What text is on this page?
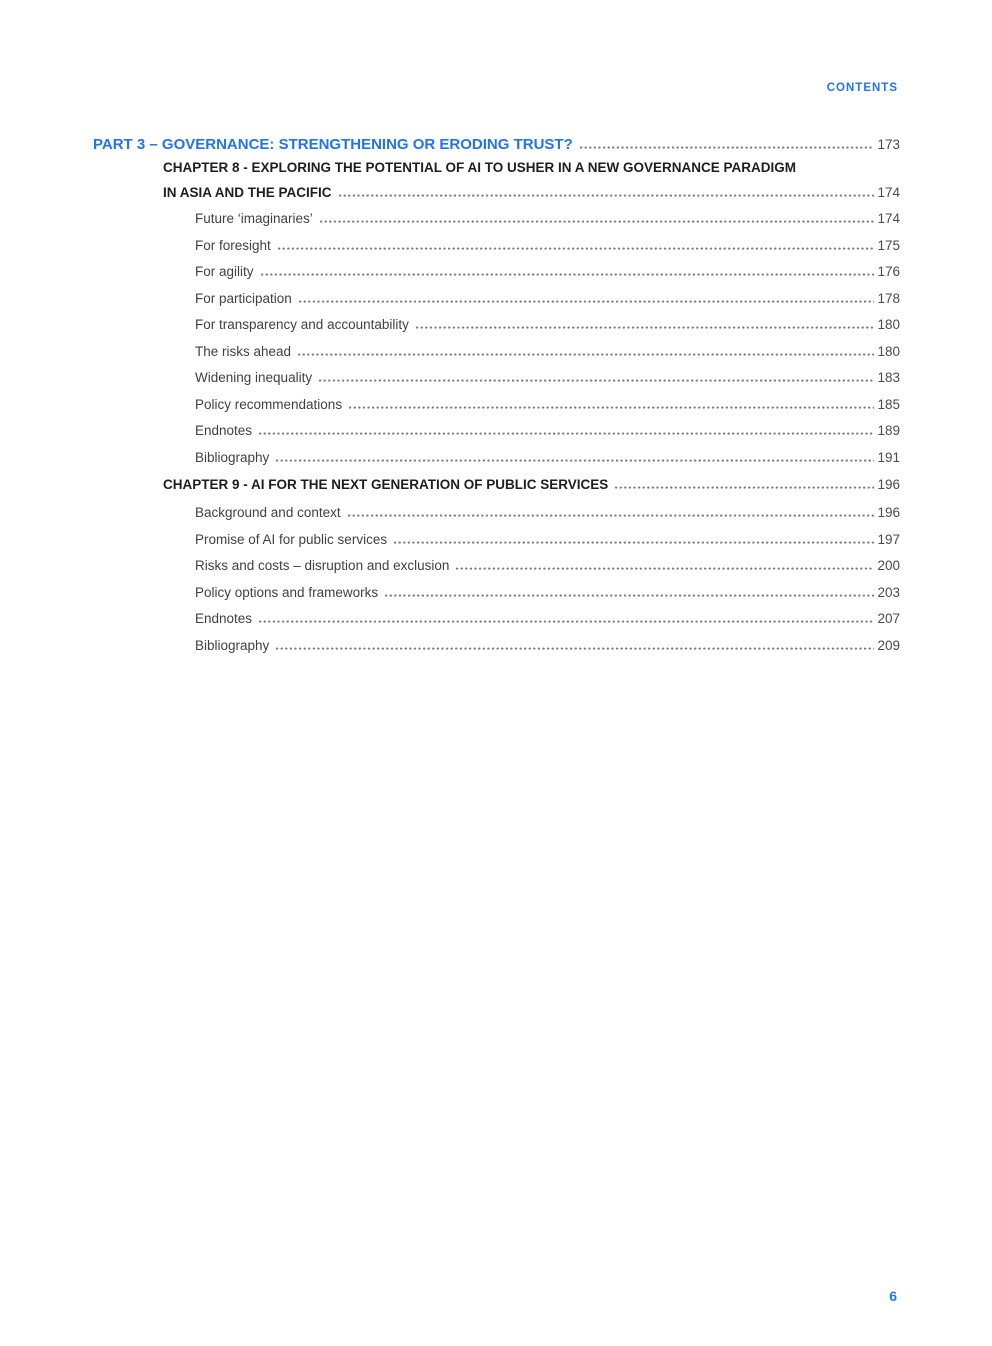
CONTENTS
PART 3 – GOVERNANCE: STRENGTHENING OR ERODING TRUST?	173
CHAPTER 8 - EXPLORING THE POTENTIAL OF AI TO USHER IN A NEW GOVERNANCE PARADIGM
IN ASIA AND THE PACIFIC	174
Future ‘imaginaries’	174
For foresight	175
For agility	176
For participation	178
For transparency and accountability	180
The risks ahead	180
Widening inequality	183
Policy recommendations	185
Endnotes	189
Bibliography	191
CHAPTER 9 - AI FOR THE NEXT GENERATION OF PUBLIC SERVICES	196
Background and context	196
Promise of AI for public services	197
Risks and costs – disruption and exclusion	200
Policy options and frameworks	203
Endnotes	207
Bibliography	209
6
